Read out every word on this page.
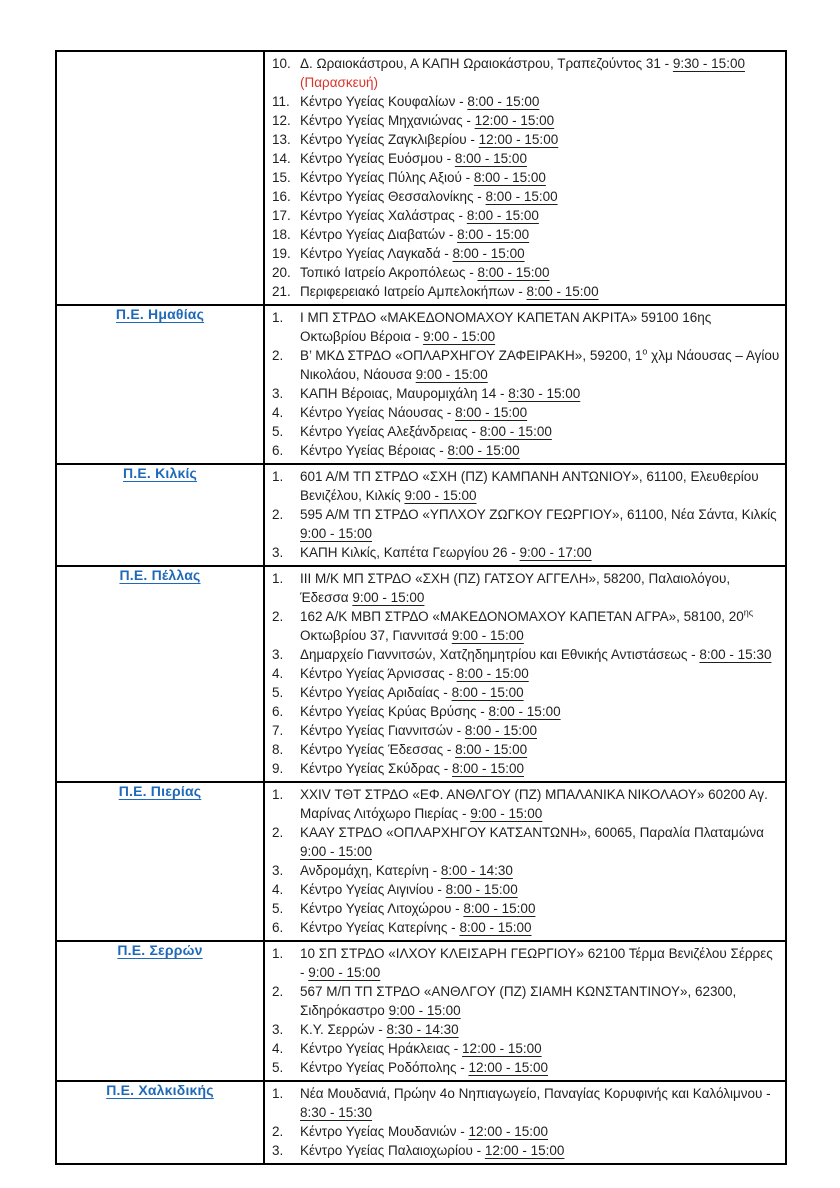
10. Δ. Ωραιοκάστρου, Α ΚΑΠΗ Ωραιοκάστρου, Τραπεζούντος 31 - 9:30 - 15:00 (Παρασκευή)
11. Κέντρο Υγείας Κουφαλίων - 8:00 - 15:00
12. Κέντρο Υγείας Μηχανιώνας - 12:00 - 15:00
13. Κέντρο Υγείας Ζαγκλιβερίου - 12:00 - 15:00
14. Κέντρο Υγείας Ευόσμου - 8:00 - 15:00
15. Κέντρο Υγείας Πύλης Αξιού - 8:00 - 15:00
16. Κέντρο Υγείας Θεσσαλονίκης - 8:00 - 15:00
17. Κέντρο Υγείας Χαλάστρας - 8:00 - 15:00
18. Κέντρο Υγείας Διαβατών - 8:00 - 15:00
19. Κέντρο Υγείας Λαγκαδά - 8:00 - 15:00
20. Τοπικό Ιατρείο Ακροπόλεως - 8:00 - 15:00
21. Περιφερειακό Ιατρείο Αμπελοκήπων - 8:00 - 15:00

Π.Ε. Ημαθίας	1.	Ι ΜΠ ΣΤΡΔΟ «ΜΑΚΕΔΟΝΟΜΑΧΟΥ ΚΑΠΕΤΑΝ ΑΚΡΙΤΑ» 59100 16ης Οκτωβρίου Βέροια - 9:00 - 15:00
2.	Β’ ΜΚΔ ΣΤΡΔΟ «ΟΠΛΑΡΧΗΓΟΥ ΖΑΦΕΙΡΑΚΗ», 59200, $1^o$ χλμ Νάουσας – Αγίου Νικολάου, Νάουσα 9:00 - 15:00
3.	ΚΑΠΗ Βέροιας, Μαυρομιχάλη 14 - 8:30 - 15:00
4.	Κέντρο Υγείας Νάουσας - 8:00 - 15:00
5.	Κέντρο Υγείας Αλεξάνδρειας - 8:00 - 15:00
6.	Κέντρο Υγείας Βέροιας - 8:00 - 15:00

Π.Ε. Κιλκίς	1.	601 Α/Μ ΤΠ ΣΤΡΔΟ «ΣΧΗ (ΠΖ) ΚΑΜΠΑΝΗ ΑΝΤΩΝΙΟΥ», 61100, Ελευθερίου Βενιζέλου, Κιλκίς 9:00 - 15:00
2.	595 Α/Μ ΤΠ ΣΤΡΔΟ «ΥΠΛΧΟΥ ΖΩΓΚΟΥ ΓΕΩΡΓΙΟΥ», 61100, Νέα Σάντα, Κιλκίς 9:00 - 15:00
3.	ΚΑΠΗ Κιλκίς, Καπέτα Γεωργίου 26 - 9:00 - 17:00

Π.Ε. Πέλλας	1.	ΙΙΙ Μ/Κ ΜΠ ΣΤΡΔΟ «ΣΧΗ (ΠΖ) ΓΑΤΣΟΥ ΑΓΓΕΛΗ», 58200, Παλαιολόγου, Έδεσσα 9:00 - 15:00
2.	162 Α/Κ ΜΒΠ ΣΤΡΔΟ «ΜΑΚΕΔΟΝΟΜΑΧΟΥ ΚΑΠΕΤΑΝ ΑΓΡΑ», 58100, $20^{\eta\varsigma}$ Οκτωβρίου 37, Γιαννιτσά 9:00 - 15:00
3.	Δημαρχείο Γιαννιτσών, Χατζηδημητρίου και Εθνικής Αντιστάσεως - 8:00 - 15:30
4.	Κέντρο Υγείας Άρνισσας - 8:00 - 15:00
5.	Κέντρο Υγείας Αριδαίας - 8:00 - 15:00
6.	Κέντρο Υγείας Κρύας Βρύσης - 8:00 - 15:00
7.	Κέντρο Υγείας Γιαννιτσών - 8:00 - 15:00
8.	Κέντρο Υγείας Έδεσσας - 8:00 - 15:00
9.	Κέντρο Υγείας Σκύδρας - 8:00 - 15:00

Π.Ε. Πιερίας	1.	XXIV ΤΘΤ ΣΤΡΔΟ «ΕΦ. ΑΝΘΛΓΟΥ (ΠΖ) ΜΠΑΛΑΝΙΚΑ ΝΙΚΟΛΑΟΥ» 60200 Αγ. Μαρίνας Λιτόχωρο Πιερίας - 9:00 - 15:00
2.	ΚΑΑΥ ΣΤΡΔΟ «ΟΠΛΑΡΧΗΓΟΥ ΚΑΤΣΑΝΤΩΝΗ», 60065, Παραλία Πλαταμώνα 9:00 - 15:00
3.	Ανδρομάχη, Κατερίνη - 8:00 - 14:30
4.	Κέντρο Υγείας Αιγινίου - 8:00 - 15:00
5.	Κέντρο Υγείας Λιτοχώρου - 8:00 - 15:00
6.	Κέντρο Υγείας Κατερίνης - 8:00 - 15:00

Π.Ε. Σερρών	1.	10 ΣΠ ΣΤΡΔΟ «ΙΛΧΟΥ ΚΛΕΙΣΑΡΗ ΓΕΩΡΓΙΟΥ» 62100 Τέρμα Βενιζέλου Σέρρες - 9:00 - 15:00
2.	567 Μ/Π ΤΠ ΣΤΡΔΟ «ΑΝΘΛΓΟΥ (ΠΖ) ΣΙΑΜΗ ΚΩΝΣΤΑΝΤΙΝΟΥ», 62300, Σιδηρόκαστρο 9:00 - 15:00
3.	Κ.Υ. Σερρών - 8:30 - 14:30
4.	Κέντρο Υγείας Ηράκλειας - 12:00 - 15:00
5.	Κέντρο Υγείας Ροδόπολης - 12:00 - 15:00

Π.Ε. Χαλκιδικής	1.	Νέα Μουδανιά, Πρώην 4ο Νηπιαγωγείο, Παναγίας Κορυφινής και Καλόλιμνου - 8:30 - 15:30
2.	Κέντρο Υγείας Μουδανιών - 12:00 - 15:00
3.	Κέντρο Υγείας Παλαιοχωρίου - 12:00 - 15:00
